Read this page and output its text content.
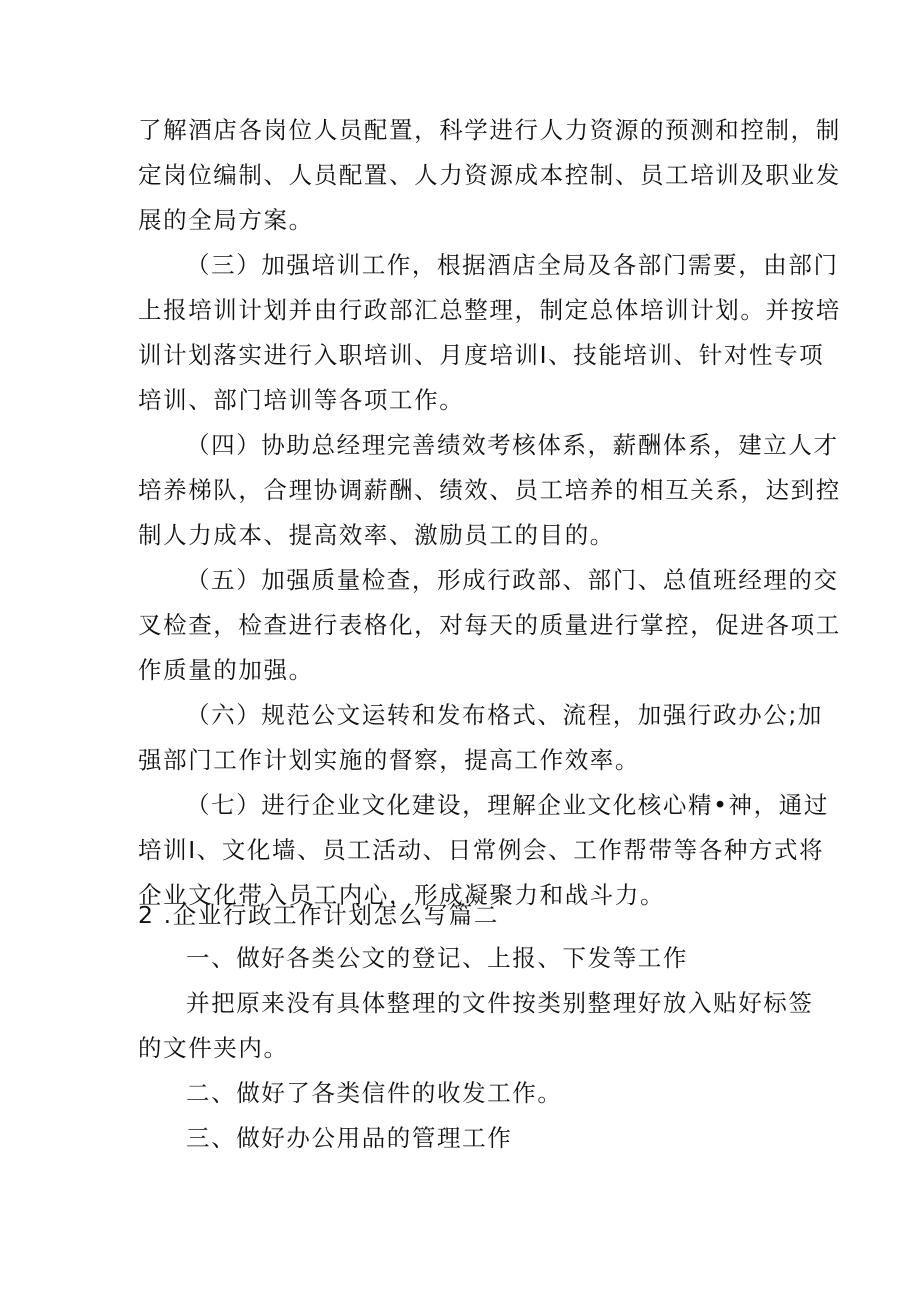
了解酒店各岗位人员配置，科学进行人力资源的预测和控制，制
定岗位编制、人员配置、人力资源成本控制、员工培训及职业发
展的全局方案。

（三）加强培训工作，根据酒店全局及各部门需要，由部门
上报培训计划并由行政部汇总整理，制定总体培训计划。并按培
训计划落实进行入职培训、月度培训I、技能培训、针对性专项
培训、部门培训等各项工作。

（四）协助总经理完善绩效考核体系，薪酬体系，建立人才
培养梯队，合理协调薪酬、绩效、员工培养的相互关系，达到控
制人力成本、提高效率、激励员工的目的。

（五）加强质量检查，形成行政部、部门、总值班经理的交
叉检查，检查进行表格化，对每天的质量进行掌控，促进各项工
作质量的加强。

（六）规范公文运转和发布格式、流程，加强行政办公;加
强部门工作计划实施的督察，提高工作效率。

（七）进行企业文化建设，理解企业文化核心精•神，通过
培训I、文化墙、员工活动、日常例会、工作帮带等各种方式将
企业文化带入员工内心，形成凝聚力和战斗力。

2 .企业行政工作计划怎么写篇二

一、做好各类公文的登记、上报、下发等工作

并把原来没有具体整理的文件按类别整理好放入贴好标签
的文件夹内。

二、做好了各类信件的收发工作。

三、做好办公用品的管理工作
